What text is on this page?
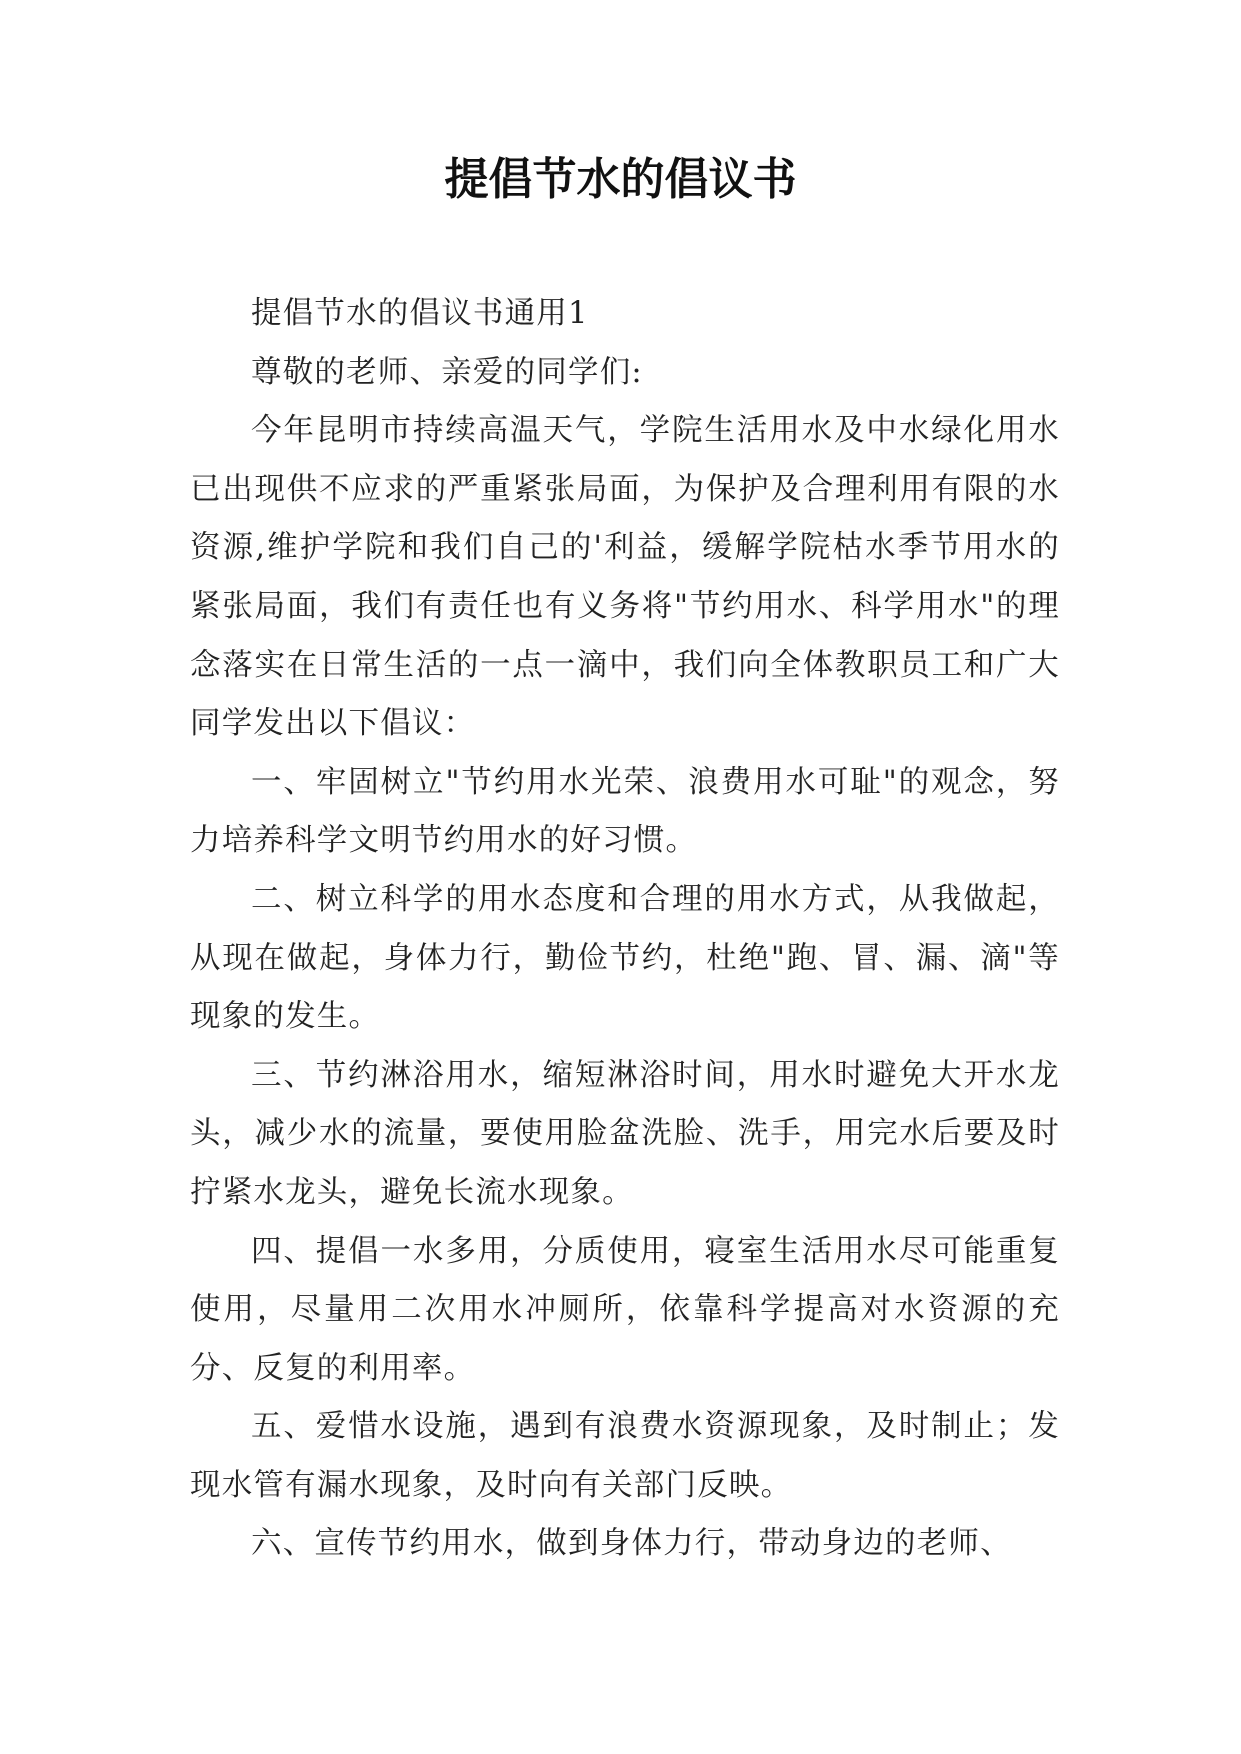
提倡节水的倡议书

提倡节水的倡议书通用1

尊敬的老师、亲爱的同学们:

今年昆明市持续高温天气，学院生活用水及中水绿化用水已出现供不应求的严重紧张局面，为保护及合理利用有限的水资源,维护学院和我们自己的'利益，缓解学院枯水季节用水的紧张局面，我们有责任也有义务将"节约用水、科学用水"的理念落实在日常生活的一点一滴中，我们向全体教职员工和广大同学发出以下倡议：

一、牢固树立"节约用水光荣、浪费用水可耻"的观念，努力培养科学文明节约用水的好习惯。

二、树立科学的用水态度和合理的用水方式，从我做起，从现在做起，身体力行，勤俭节约，杜绝"跑、冒、漏、滴"等现象的发生。

三、节约淋浴用水，缩短淋浴时间，用水时避免大开水龙头，减少水的流量，要使用脸盆洗脸、洗手，用完水后要及时拧紧水龙头，避免长流水现象。

四、提倡一水多用，分质使用，寝室生活用水尽可能重复使用，尽量用二次用水冲厕所，依靠科学提高对水资源的充分、反复的利用率。

五、爱惜水设施，遇到有浪费水资源现象，及时制止；发现水管有漏水现象，及时向有关部门反映。

六、宣传节约用水，做到身体力行，带动身边的老师、
